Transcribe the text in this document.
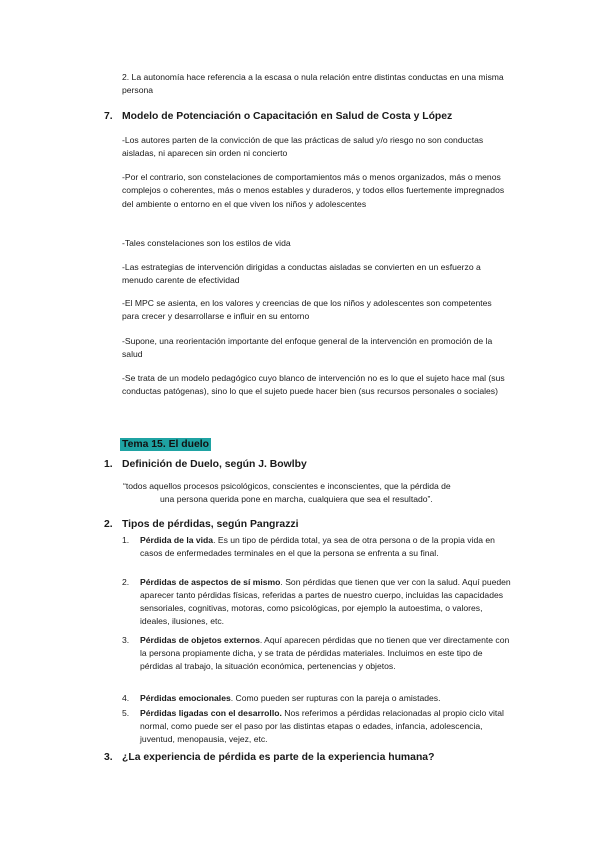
2. La autonomía hace referencia a la escasa o nula relación entre distintas conductas en una misma persona
7. Modelo de Potenciación o Capacitación en Salud de Costa y López
-Los autores parten de la convicción de que las prácticas de salud y/o riesgo no son conductas aisladas, ni aparecen sin orden ni concierto
-Por el contrario, son constelaciones de comportamientos más o menos organizados, más o menos complejos o coherentes, más o menos estables y duraderos, y todos ellos fuertemente impregnados del ambiente o entorno en el que viven los niños y adolescentes
-Tales constelaciones son los estilos de vida
-Las estrategias de intervención dirigidas a conductas aisladas se convierten en un esfuerzo a menudo carente de efectividad
-El MPC se asienta, en los valores y creencias de que los niños y adolescentes son competentes para crecer y desarrollarse e influir en su entorno
-Supone, una reorientación importante del enfoque general de la intervención en promoción de la salud
-Se trata de un modelo pedagógico cuyo blanco de intervención no es lo que el sujeto hace mal (sus conductas patógenas), sino lo que el sujeto puede hacer bien (sus recursos personales o sociales)
Tema 15. El duelo
1. Definición de Duelo, según J. Bowlby
“todos aquellos procesos psicológicos, conscientes e inconscientes, que la pérdida de
una persona querida pone en marcha, cualquiera que sea el resultado”.
2. Tipos de pérdidas, según Pangrazzi
1. Pérdida de la vida. Es un tipo de pérdida total, ya sea de otra persona o de la propia vida en casos de enfermedades terminales en el que la persona se enfrenta a su final.
2. Pérdidas de aspectos de sí mismo. Son pérdidas que tienen que ver con la salud. Aquí pueden aparecer tanto pérdidas físicas, referidas a partes de nuestro cuerpo, incluidas las capacidades sensoriales, cognitivas, motoras, como psicológicas, por ejemplo la autoestima, o valores, ideales, ilusiones, etc.
3. Pérdidas de objetos externos. Aquí aparecen pérdidas que no tienen que ver directamente con la persona propiamente dicha, y se trata de pérdidas materiales. Incluimos en este tipo de pérdidas al trabajo, la situación económica, pertenencias y objetos.
4. Pérdidas emocionales. Como pueden ser rupturas con la pareja o amistades.
5. Pérdidas ligadas con el desarrollo. Nos referimos a pérdidas relacionadas al propio ciclo vital normal, como puede ser el paso por las distintas etapas o edades, infancia, adolescencia, juventud, menopausia, vejez, etc.
3. ¿La experiencia de pérdida es parte de la experiencia humana?
